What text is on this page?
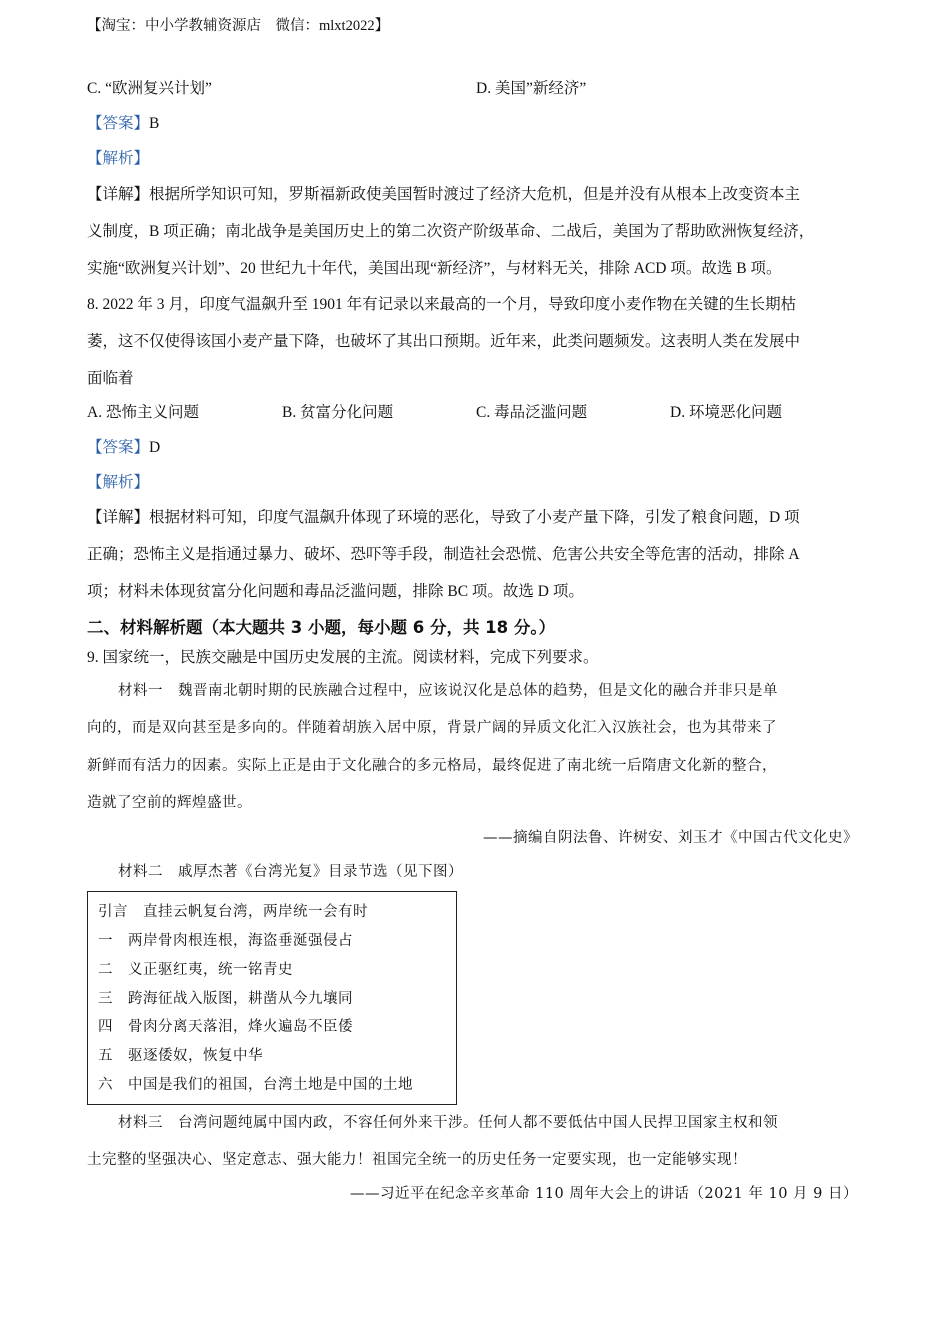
【淘宝：中小学教辅资源店　 微信：mlxt2022】
C. “欧洲复兴计划”	D. 美国”新经济”
【答案】B
【解析】
【详解】根据所学知识可知，罗斯福新政使美国暂时渡过了经济大危机，但是并没有从根本上改变资本主
义制度，B 项正确；南北战争是美国历史上的第二次资产阶级革命、二战后，美国为了帮助欧洲恢复经济，
实施“欧洲复兴计划”、20 世纪九十年代，美国出现“新经济”，与材料无关，排除 ACD 项。故选 B 项。
8. 2022 年 3 月，印度气温飙升至 1901 年有记录以来最高的一个月，导致印度小麦作物在关键的生长期枯
萎，这不仅使得该国小麦产量下降，也破坏了其出口预期。近年来，此类问题频发。这表明人类在发展中
面临着
A. 恐怖主义问题	B. 贫富分化问题	C. 毒品泛滥问题	D. 环境恶化问题
【答案】D
【解析】
【详解】根据材料可知，印度气温飙升体现了环境的恶化，导致了小麦产量下降，引发了粮食问题，D 项
正确；恐怖主义是指通过暴力、破坏、恐吓等手段，制造社会恐慌、危害公共安全等危害的活动，排除 A
项；材料未体现贫富分化问题和毒品泛滥问题，排除 BC 项。故选 D 项。
二、材料解析题（本大题共 3 小题，每小题 6 分，共 18 分。）
9. 国家统一，民族交融是中国历史发展的主流。阅读材料，完成下列要求。
材料一　魏晋南北朝时期的民族融合过程中，应该说汉化是总体的趋势，但是文化的融合并非只是单
向的，而是双向甚至是多向的。伴随着胡族入居中原，背景广阔的异质文化汇入汉族社会，也为其带来了
新鲜而有活力的因素。实际上正是由于文化融合的多元格局，最终促进了南北统一后隋唐文化新的整合，
造就了空前的辉煌盛世。
——摘编自阴法鲁、许树安、刘玉才《中国古代文化史》
材料二　戚厚杰著《台湾光复》目录节选（见下图）
引言　直挂云帆复台湾，两岸统一会有时
一　两岸骨肉根连根，海盗垂涎强侵占
二　义正驱红夷，统一铭青史
三　跨海征战入版图，耕凿从今九壤同
四　骨肉分离天落泪，烽火遍岛不臣倭
五　驱逐倭奴，恢复中华
六　中国是我们的祖国，台湾土地是中国的土地
材料三　台湾问题纯属中国内政，不容任何外来干涉。任何人都不要低估中国人民捍卫国家主权和领
土完整的坚强决心、坚定意志、强大能力！祖国完全统一的历史任务一定要实现，也一定能够实现！
——习近平在纪念辛亥革命 110 周年大会上的讲话（2021 年 10 月 9 日）
